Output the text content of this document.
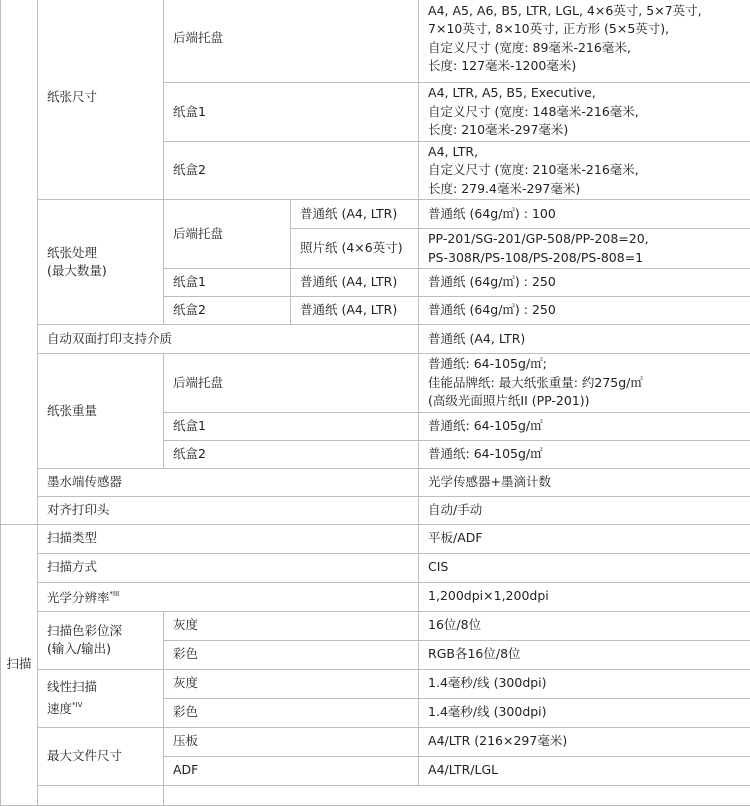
	纸张尺寸	后端托盘		A4, A5, A6, B5, LTR, LGL, 4×6英寸, 5×7英寸,
7×10英寸, 8×10英寸, 正方形 (5×5英寸),
自定义尺寸 (宽度: 89毫米-216毫米,
长度: 127毫米-1200毫米)	

		纸盒1		A4, LTR, A5, B5, Executive,
自定义尺寸 (宽度: 148毫米-216毫米,
长度: 210毫米-297毫米)	

		纸盒2		A4, LTR,
自定义尺寸 (宽度: 210毫米-216毫米,
长度: 279.4毫米-297毫米)	

	纸张处理
(最大数量)	后端托盘	普通纸 (A4, LTR)	普通纸 (64g/㎡) : 100	
			照片纸 (4×6英寸)	PP-201/SG-201/GP-508/PP-208=20,
PS-308R/PS-108/PS-208/PS-808=1	

		纸盒1	普通纸 (A4, LTR)	普通纸 (64g/㎡) : 250	
		纸盒2	普通纸 (A4, LTR)	普通纸 (64g/㎡) : 250	
	自动双面打印支持介质			普通纸 (A4, LTR)	
	纸张重量	后端托盘		普通纸: 64-105g/㎡;
佳能品牌纸: 最大纸张重量: 约275g/㎡
(高级光面照片纸II (PP-201))	

		纸盒1		普通纸: 64-105g/㎡	
		纸盒2		普通纸: 64-105g/㎡	
	墨水端传感器			光学传感器+墨滴计数	
	对齐打印头			自动/手动	
扫描	扫描类型			平板/ADF	
	扫描方式			CIS	
	光学分辨率$^{*III}$			1,200dpi×1,200dpi	

	扫描色彩位深
(输入/输出)	灰度		16位/8位	
		彩色		RGB各16位/8位	

	线性扫描
速度$^{*IV}$	灰度		1.4毫秒/线 (300dpi)	
		彩色		1.4毫秒/线 (300dpi)	
	最大文件尺寸	压板		A4/LTR (216×297毫米)	
		ADF		A4/LTR/LGL	
